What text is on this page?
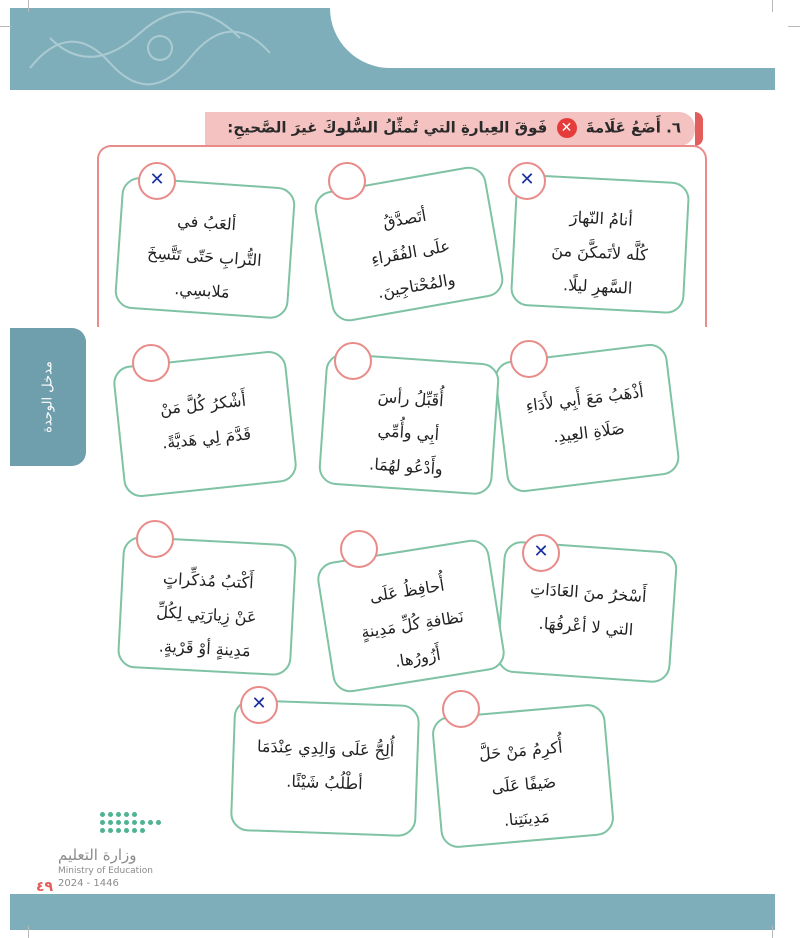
مدخل الوحدة
٦. أَضَعُ عَلَامةَ ✕ فَوقَ العِبارةِ التي تُمثِّلُ السُّلوكَ غيرَ الصَّحيحِ:
أنامُ النّهارَ
كُلَّه لأتَمكَّنَ منَ
السَّهرِ ليلًا.
✕
أتَصدَّقُ
علَى الفُقَراءِ
والمُحْتاجِينَ.
ألعَبُ في
التُّرابِ حَتّى تَتَّسِخَ
مَلابسِي.
✕
أذْهَبُ مَعَ أَبِي لأَدَاءِ
صَلَاةِ العِيدِ.
أُقَبِّلُ رأسَ
أبِي وأُمِّي
وأَدْعُو لهُمَا.
أَشْكرُ كُلَّ مَنْ
قَدَّمَ لِي هَديَّةً.
أَسْخرُ منَ العَادَاتِ
التي لا أعْرفُهَا.
✕
أُحافِظُ عَلَى
نَظافةِ كُلِّ مَدِينةٍ
أَزُورُها.
أَكْتبُ مُذكِّراتٍ
عَنْ زِيارَتِي لِكُلِّ
مَدِينةٍ أوْ قَرْيةٍ.
أُكرِمُ مَنْ حَلَّ
ضَيفًا عَلَى
مَدِينَتِنا.
أُلِحُّ عَلَى وَالِدِي عِنْدَمَا
أطْلُبُ شَيْئًا.
✕
وزارة التعليم
Ministry of Education
2024 - 1446
٤٩
